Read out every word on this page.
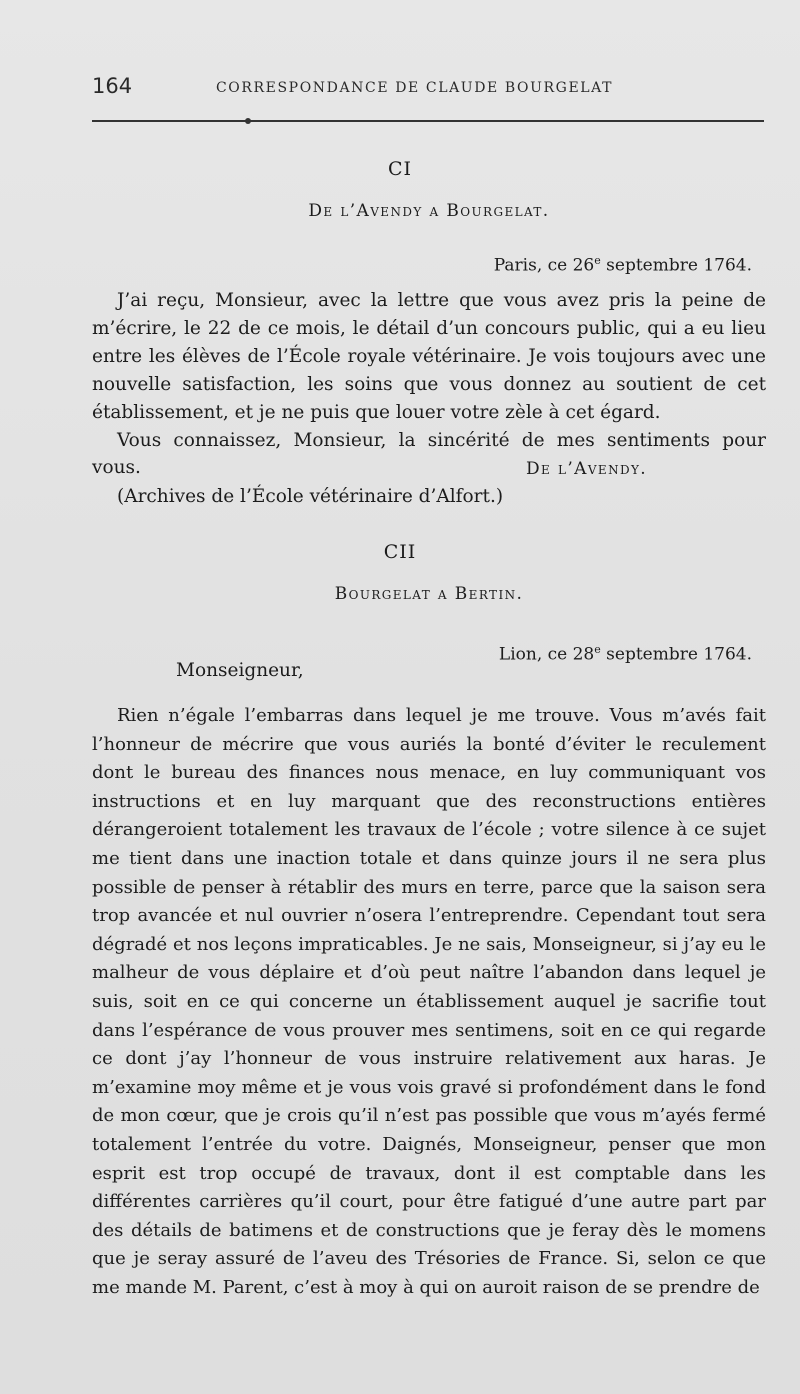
164	CORRESPONDANCE DE CLAUDE BOURGELAT
CI
De l’Avendy a Bourgelat.
Paris, ce 26e septembre 1764.

J’ai reçu, Monsieur, avec la lettre que vous avez pris la peine de m’écrire, le 22 de ce mois, le détail d’un concours public, qui a eu lieu entre les élèves de l’École royale vétérinaire. Je vois toujours avec une nouvelle satisfaction, les soins que vous donnez au soutient de cet établissement, et je ne puis que louer votre zèle à cet égard.

Vous connaissez, Monsieur, la sincérité de mes sentiments pour vous.	De l’Avendy.
(Archives de l’École vétérinaire d’Alfort.)
CII
Bourgelat a Bertin.
Lion, ce 28e septembre 1764.
Monseigneur,

Rien n’égale l’embarras dans lequel je me trouve. Vous m’avés fait l’honneur de mécrire que vous auriés la bonté d’éviter le reculement dont le bureau des finances nous menace, en luy communiquant vos instructions et en luy marquant que des reconstructions entières dérangeroient totalement les travaux de l’école ; votre silence à ce sujet me tient dans une inaction totale et dans quinze jours il ne sera plus possible de penser à rétablir des murs en terre, parce que la saison sera trop avancée et nul ouvrier n’osera l’entreprendre. Cependant tout sera dégradé et nos leçons impraticables. Je ne sais, Monseigneur, si j’ay eu le malheur de vous déplaire et d’où peut naître l’abandon dans lequel je suis, soit en ce qui concerne un établissement auquel je sacrifie tout dans l’espérance de vous prouver mes sentimens, soit en ce qui regarde ce dont j’ay l’honneur de vous instruire relativement aux haras. Je m’examine moy même et je vous vois gravé si profondément dans le fond de mon cœur, que je crois qu’il n’est pas possible que vous m’ayés fermé totalement l’entrée du votre. Daignés, Monseigneur, penser que mon esprit est trop occupé de travaux, dont il est comptable dans les différentes carrières qu’il court, pour être fatigué d’une autre part par des détails de batimens et de constructions que je feray dès le momens que je seray assuré de l’aveu des Trésories de France. Si, selon ce que me mande M. Parent, c’est à moy à qui on auroit raison de se prendre de
